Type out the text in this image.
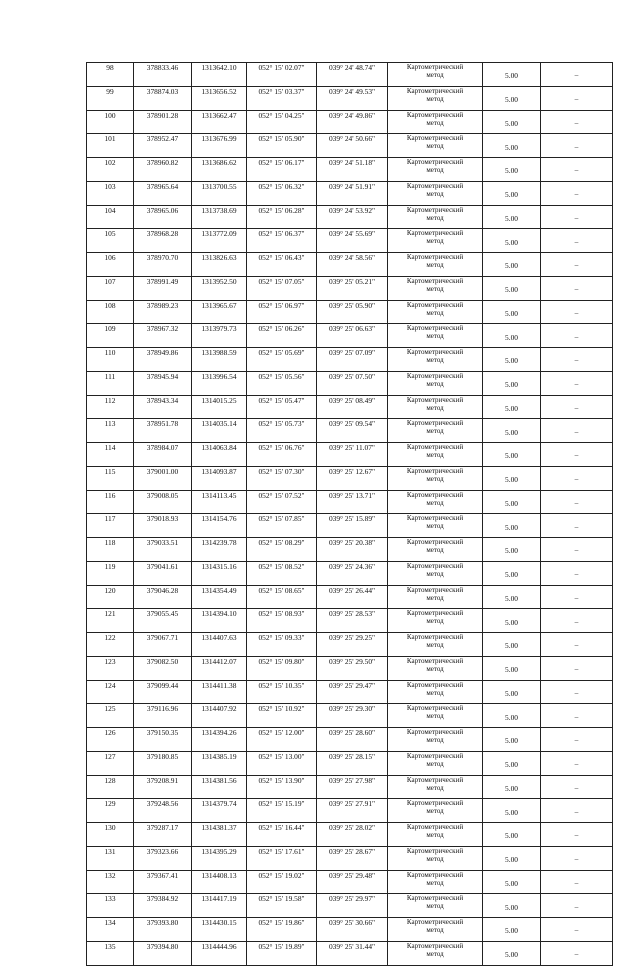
98	378833.46	1313642.10	052° 15' 02.07"	039° 24' 48.74"	Картометрический
метод	5.00	–
99	378874.03	1313656.52	052° 15' 03.37"	039° 24' 49.53"	Картометрический
метод	5.00	–
100	378901.28	1313662.47	052° 15' 04.25"	039° 24' 49.86"	Картометрический
метод	5.00	–
101	378952.47	1313676.99	052° 15' 05.90"	039° 24' 50.66"	Картометрический
метод	5.00	–
102	378960.82	1313686.62	052° 15' 06.17"	039° 24' 51.18"	Картометрический
метод	5.00	–
103	378965.64	1313700.55	052° 15' 06.32"	039° 24' 51.91"	Картометрический
метод	5.00	–
104	378965.06	1313738.69	052° 15' 06.28"	039° 24' 53.92"	Картометрический
метод	5.00	–
105	378968.28	1313772.09	052° 15' 06.37"	039° 24' 55.69"	Картометрический
метод	5.00	–
106	378970.70	1313826.63	052° 15' 06.43"	039° 24' 58.56"	Картометрический
метод	5.00	–
107	378991.49	1313952.50	052° 15' 07.05"	039° 25' 05.21"	Картометрический
метод	5.00	–
108	378989.23	1313965.67	052° 15' 06.97"	039° 25' 05.90"	Картометрический
метод	5.00	–
109	378967.32	1313979.73	052° 15' 06.26"	039° 25' 06.63"	Картометрический
метод	5.00	–
110	378949.86	1313988.59	052° 15' 05.69"	039° 25' 07.09"	Картометрический
метод	5.00	–
111	378945.94	1313996.54	052° 15' 05.56"	039° 25' 07.50"	Картометрический
метод	5.00	–
112	378943.34	1314015.25	052° 15' 05.47"	039° 25' 08.49"	Картометрический
метод	5.00	–
113	378951.78	1314035.14	052° 15' 05.73"	039° 25' 09.54"	Картометрический
метод	5.00	–
114	378984.07	1314063.84	052° 15' 06.76"	039° 25' 11.07"	Картометрический
метод	5.00	–
115	379001.00	1314093.87	052° 15' 07.30"	039° 25' 12.67"	Картометрический
метод	5.00	–
116	379008.05	1314113.45	052° 15' 07.52"	039° 25' 13.71"	Картометрический
метод	5.00	–
117	379018.93	1314154.76	052° 15' 07.85"	039° 25' 15.89"	Картометрический
метод	5.00	–
118	379033.51	1314239.78	052° 15' 08.29"	039° 25' 20.38"	Картометрический
метод	5.00	–
119	379041.61	1314315.16	052° 15' 08.52"	039° 25' 24.36"	Картометрический
метод	5.00	–
120	379046.28	1314354.49	052° 15' 08.65"	039° 25' 26.44"	Картометрический
метод	5.00	–
121	379055.45	1314394.10	052° 15' 08.93"	039° 25' 28.53"	Картометрический
метод	5.00	–
122	379067.71	1314407.63	052° 15' 09.33"	039° 25' 29.25"	Картометрический
метод	5.00	–
123	379082.50	1314412.07	052° 15' 09.80"	039° 25' 29.50"	Картометрический
метод	5.00	–
124	379099.44	1314411.38	052° 15' 10.35"	039° 25' 29.47"	Картометрический
метод	5.00	–
125	379116.96	1314407.92	052° 15' 10.92"	039° 25' 29.30"	Картометрический
метод	5.00	–
126	379150.35	1314394.26	052° 15' 12.00"	039° 25' 28.60"	Картометрический
метод	5.00	–
127	379180.85	1314385.19	052° 15' 13.00"	039° 25' 28.15"	Картометрический
метод	5.00	–
128	379208.91	1314381.56	052° 15' 13.90"	039° 25' 27.98"	Картометрический
метод	5.00	–
129	379248.56	1314379.74	052° 15' 15.19"	039° 25' 27.91"	Картометрический
метод	5.00	–
130	379287.17	1314381.37	052° 15' 16.44"	039° 25' 28.02"	Картометрический
метод	5.00	–
131	379323.66	1314395.29	052° 15' 17.61"	039° 25' 28.67"	Картометрический
метод	5.00	–
132	379367.41	1314408.13	052° 15' 19.02"	039° 25' 29.48"	Картометрический
метод	5.00	–
133	379384.92	1314417.19	052° 15' 19.58"	039° 25' 29.97"	Картометрический
метод	5.00	–
134	379393.80	1314430.15	052° 15' 19.86"	039° 25' 30.66"	Картометрический
метод	5.00	–
135	379394.80	1314444.96	052° 15' 19.89"	039° 25' 31.44"	Картометрический
метод	5.00	–
